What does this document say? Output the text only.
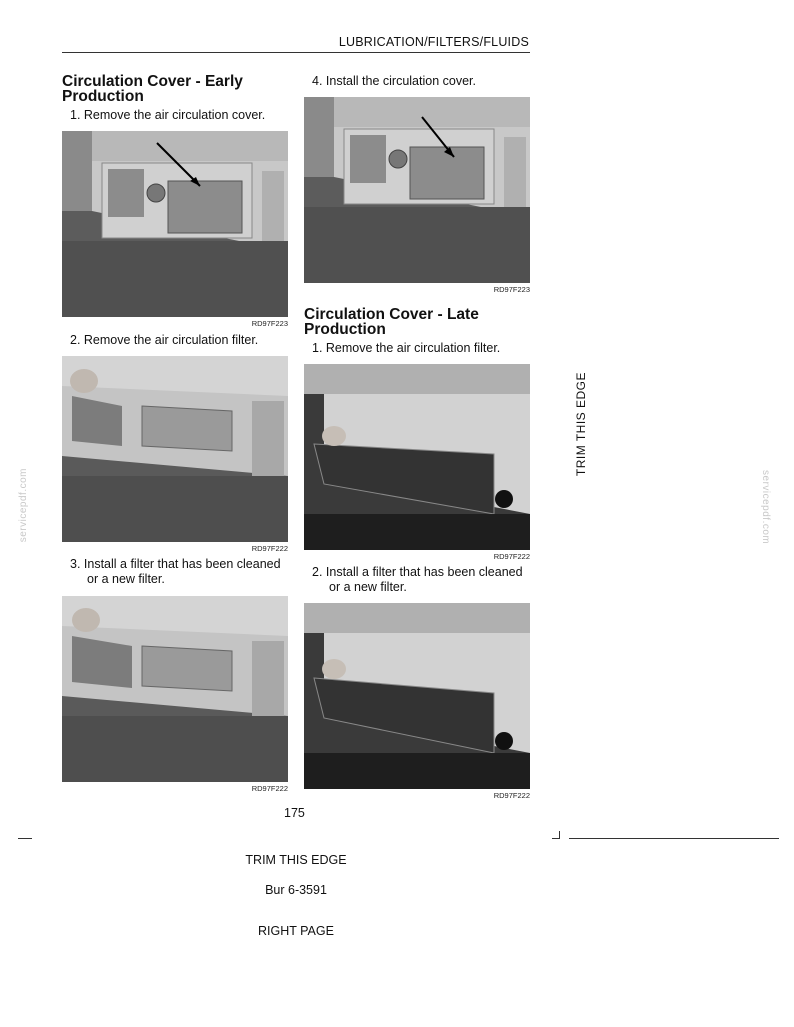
LUBRICATION/FILTERS/FLUIDS
Circulation Cover - Early
Production
1. Remove the air circulation cover.
RD97F223
2. Remove the air circulation filter.
RD97F222
3. Install a filter that has been cleaned
or a new filter.
RD97F222
4. Install the circulation cover.
RD97F223
Circulation Cover - Late
Production
1. Remove the air circulation filter.
RD97F222
2. Install a filter that has been cleaned
or a new filter.
RD97F222
TRIM THIS EDGE
servicepdf.com	servicepdf.com
175
TRIM THIS EDGE
Bur 6-3591
RIGHT PAGE
